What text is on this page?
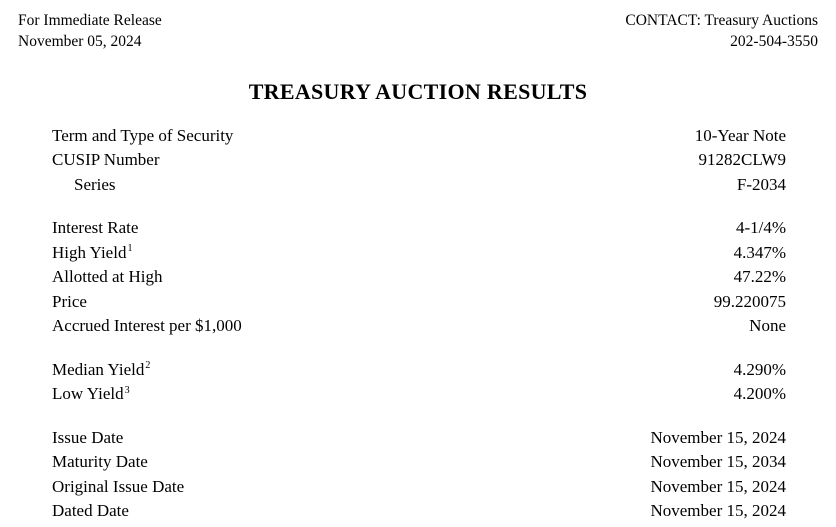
For Immediate Release
November 05, 2024
CONTACT: Treasury Auctions
202-504-3550
TREASURY AUCTION RESULTS
Term and Type of Security	10-Year Note
CUSIP Number	91282CLW9
Series	F-2034

Interest Rate	4-1/4%
High Yield$^1$	4.347%
Allotted at High	47.22%
Price	99.220075
Accrued Interest per $1,000	None

Median Yield$^2$	4.290%
Low Yield$^3$	4.200%

Issue Date	November 15, 2024
Maturity Date	November 15, 2034
Original Issue Date	November 15, 2024
Dated Date	November 15, 2024
